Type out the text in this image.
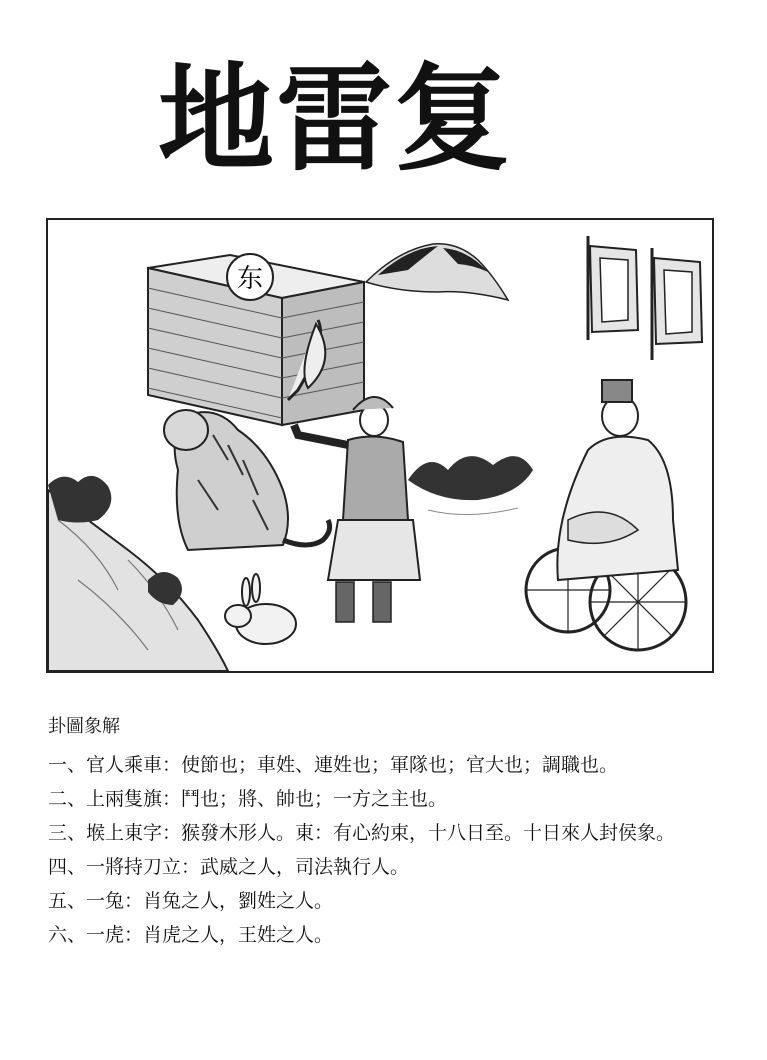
地雷复
东
卦圖象解
一、官人乘車：使節也；車姓、連姓也；軍隊也；官大也；調職也。
二、上兩隻旗：鬥也；將、帥也；一方之主也。
三、堠上東字：猴發木形人。東：有心約束，十八日至。十日來人封侯象。
四、一將持刀立：武威之人，司法執行人。
五、一兔：肖兔之人，劉姓之人。
六、一虎：肖虎之人，王姓之人。
